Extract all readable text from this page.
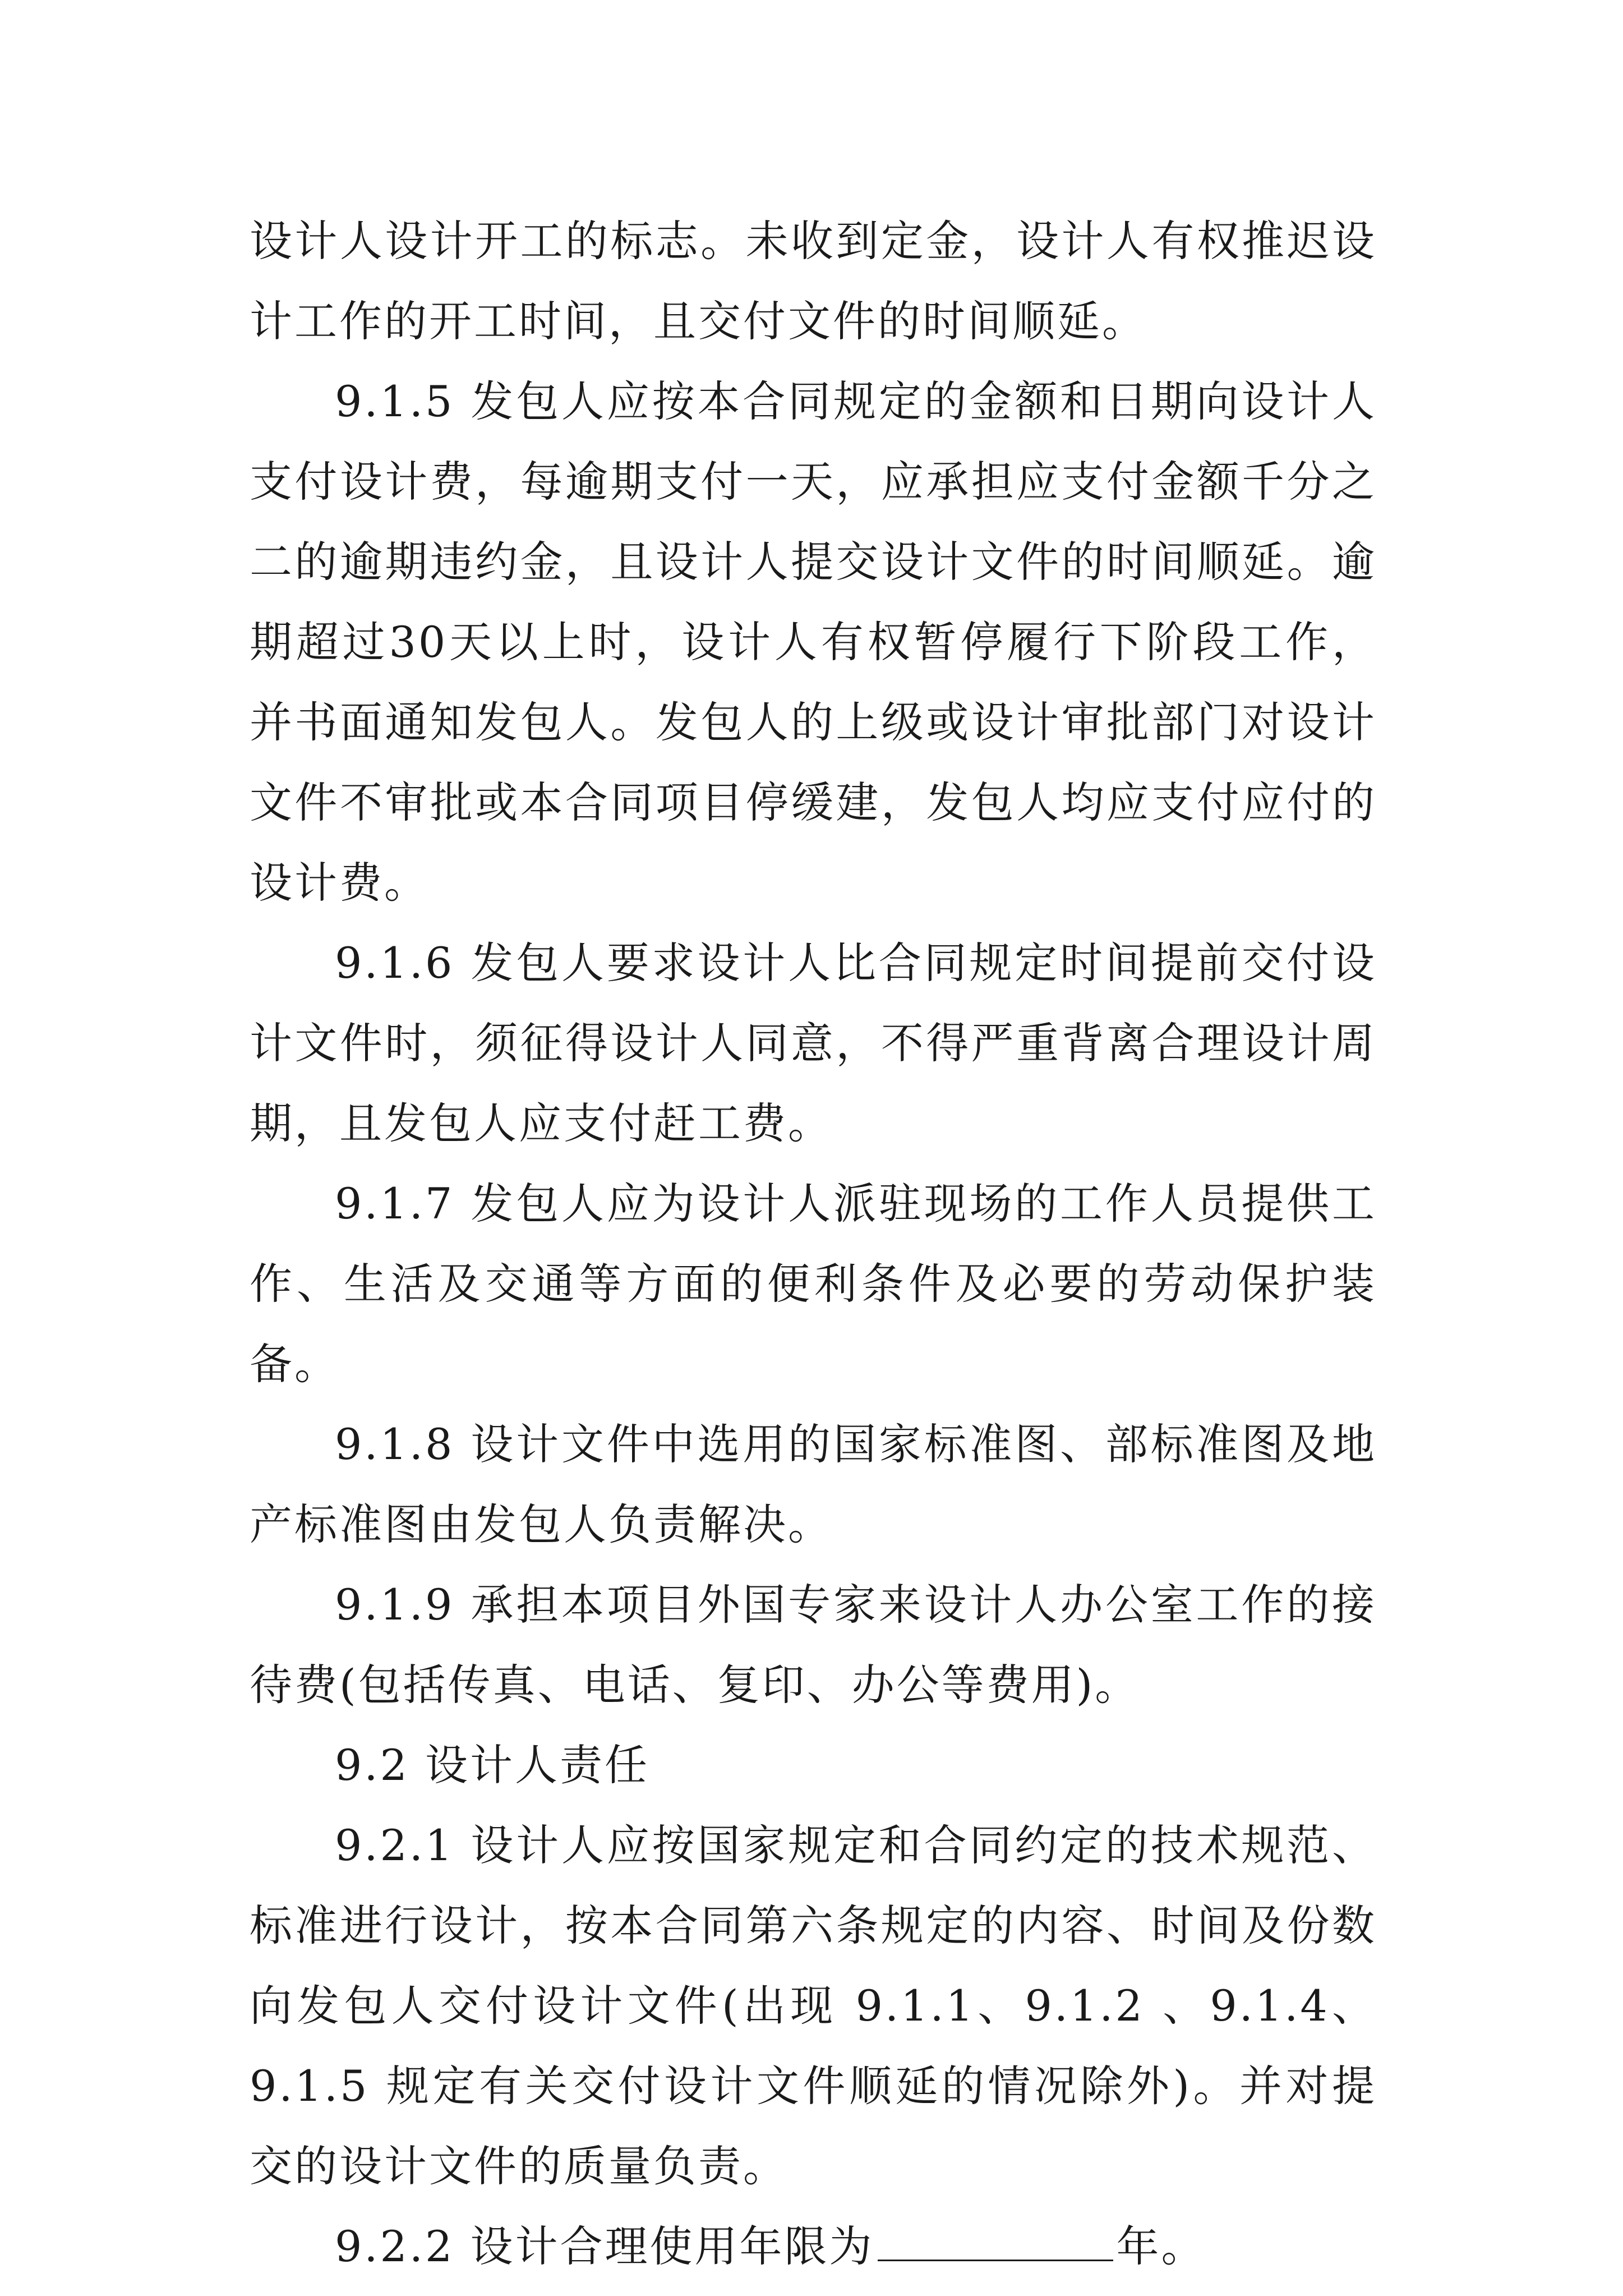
设计人设计开工的标志。未收到定金，设计人有权推迟设计工作的开工时间，且交付文件的时间顺延。

9.1.5 发包人应按本合同规定的金额和日期向设计人支付设计费，每逾期支付一天，应承担应支付金额千分之二的逾期违约金，且设计人提交设计文件的时间顺延。逾期超过30天以上时，设计人有权暂停履行下阶段工作，并书面通知发包人。发包人的上级或设计审批部门对设计文件不审批或本合同项目停缓建，发包人均应支付应付的设计费。

9.1.6 发包人要求设计人比合同规定时间提前交付设计文件时，须征得设计人同意，不得严重背离合理设计周期，且发包人应支付赶工费。

9.1.7 发包人应为设计人派驻现场的工作人员提供工作、生活及交通等方面的便利条件及必要的劳动保护装备。

9.1.8 设计文件中选用的国家标准图、部标准图及地产标准图由发包人负责解决。

9.1.9 承担本项目外国专家来设计人办公室工作的接待费(包括传真、电话、复印、办公等费用)。

9.2 设计人责任

9.2.1 设计人应按国家规定和合同约定的技术规范、标准进行设计，按本合同第六条规定的内容、时间及份数向发包人交付设计文件(出现 9.1.1、9.1.2 、9.1.4、9.1.5 规定有关交付设计文件顺延的情况除外)。并对提交的设计文件的质量负责。

9.2.2 设计合理使用年限为	年。
